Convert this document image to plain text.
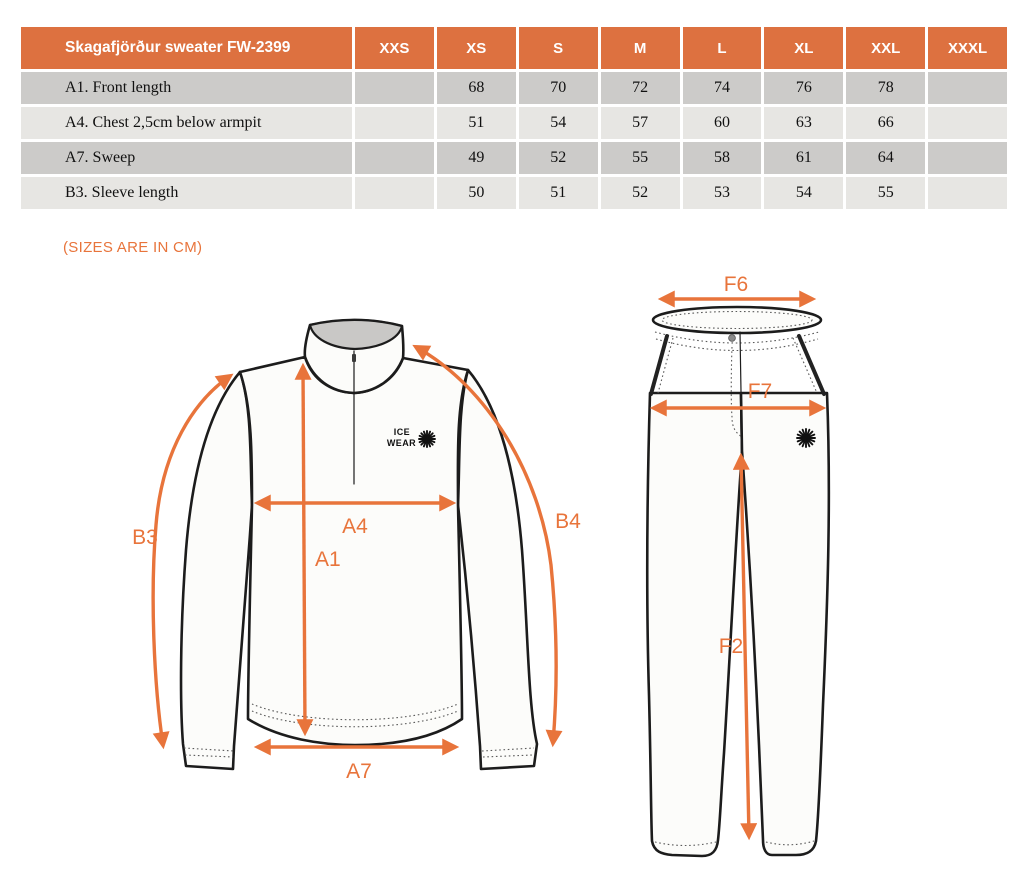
Skagafjörður sweater FW-2399	XXS	XS	S	M	L	XL	XXL	XXXL
A1. Front length		68	70	72	74	76	78	
A4. Chest 2,5cm below armpit		51	54	57	60	63	66	
A7. Sweep		49	52	55	58	61	64	
B3. Sleeve length		50	51	52	53	54	55	
(SIZES ARE IN CM)
ICE
WEAR
A4
A1
A7
B3
B4
F6
F7
F2
